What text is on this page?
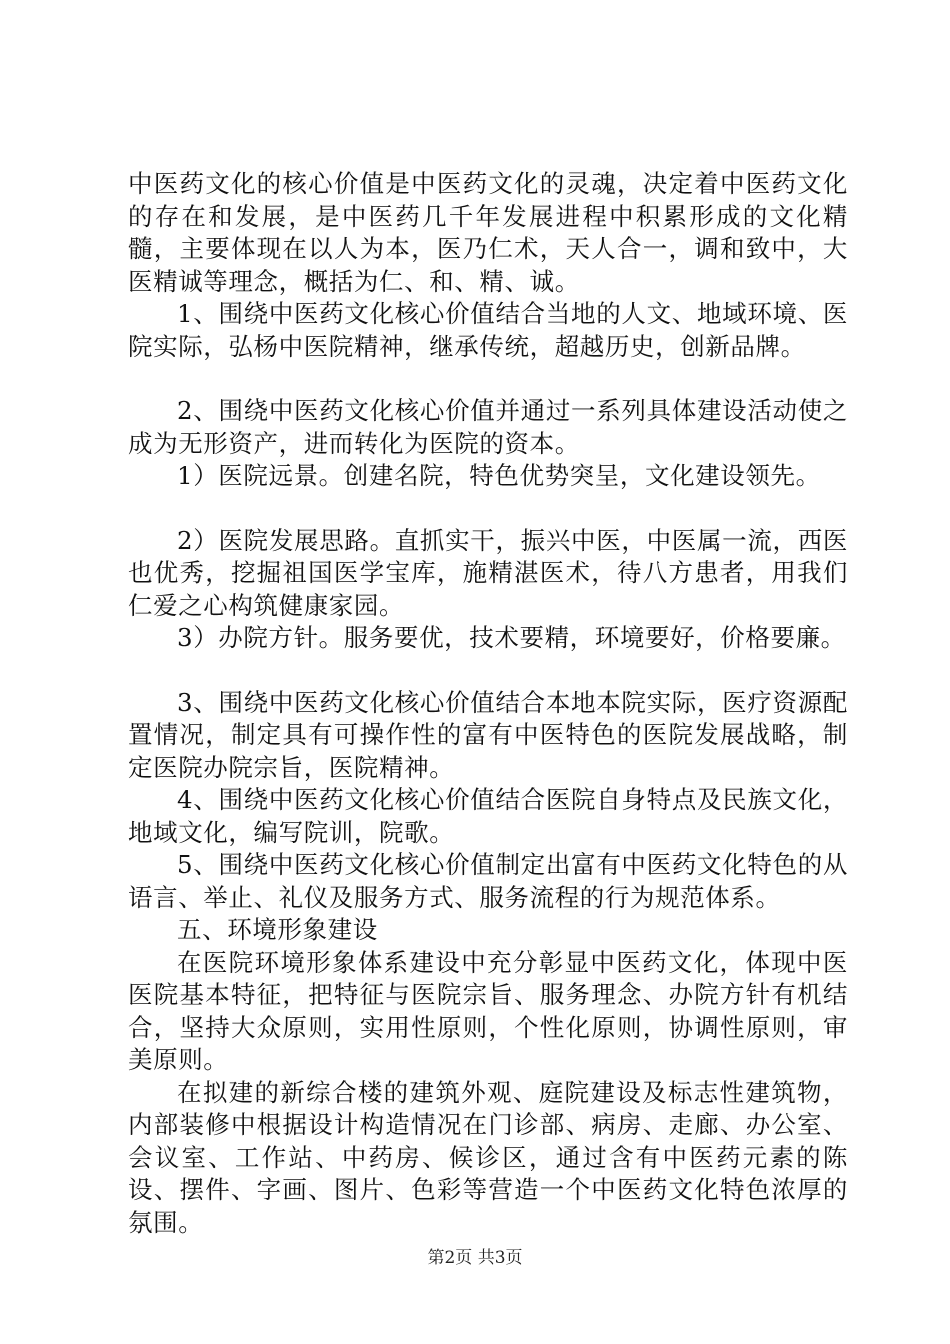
中医药文化的核心价值是中医药文化的灵魂，决定着中医药文化的存在和发展，是中医药几千年发展进程中积累形成的文化精髓，主要体现在以人为本，医乃仁术，天人合一，调和致中，大医精诚等理念，概括为仁、和、精、诚。

1、围绕中医药文化核心价值结合当地的人文、地域环境、医院实际，弘杨中医院精神，继承传统，超越历史，创新品牌。

2、围绕中医药文化核心价值并通过一系列具体建设活动使之成为无形资产，进而转化为医院的资本。

1）医院远景。创建名院，特色优势突呈，文化建设领先。

2）医院发展思路。直抓实干，振兴中医，中医属一流，西医也优秀，挖掘祖国医学宝库，施精湛医术，待八方患者，用我们仁爱之心构筑健康家园。

3）办院方针。服务要优，技术要精，环境要好，价格要廉。

3、围绕中医药文化核心价值结合本地本院实际，医疗资源配置情况，制定具有可操作性的富有中医特色的医院发展战略，制定医院办院宗旨，医院精神。

4、围绕中医药文化核心价值结合医院自身特点及民族文化，地域文化，编写院训，院歌。

5、围绕中医药文化核心价值制定出富有中医药文化特色的从语言、举止、礼仪及服务方式、服务流程的行为规范体系。

五、环境形象建设

在医院环境形象体系建设中充分彰显中医药文化，体现中医医院基本特征，把特征与医院宗旨、服务理念、办院方针有机结合，坚持大众原则，实用性原则，个性化原则，协调性原则，审美原则。

在拟建的新综合楼的建筑外观、庭院建设及标志性建筑物，内部装修中根据设计构造情况在门诊部、病房、走廊、办公室、会议室、工作站、中药房、候诊区，通过含有中医药元素的陈设、摆件、字画、图片、色彩等营造一个中医药文化特色浓厚的氛围。

第2页 共3页
